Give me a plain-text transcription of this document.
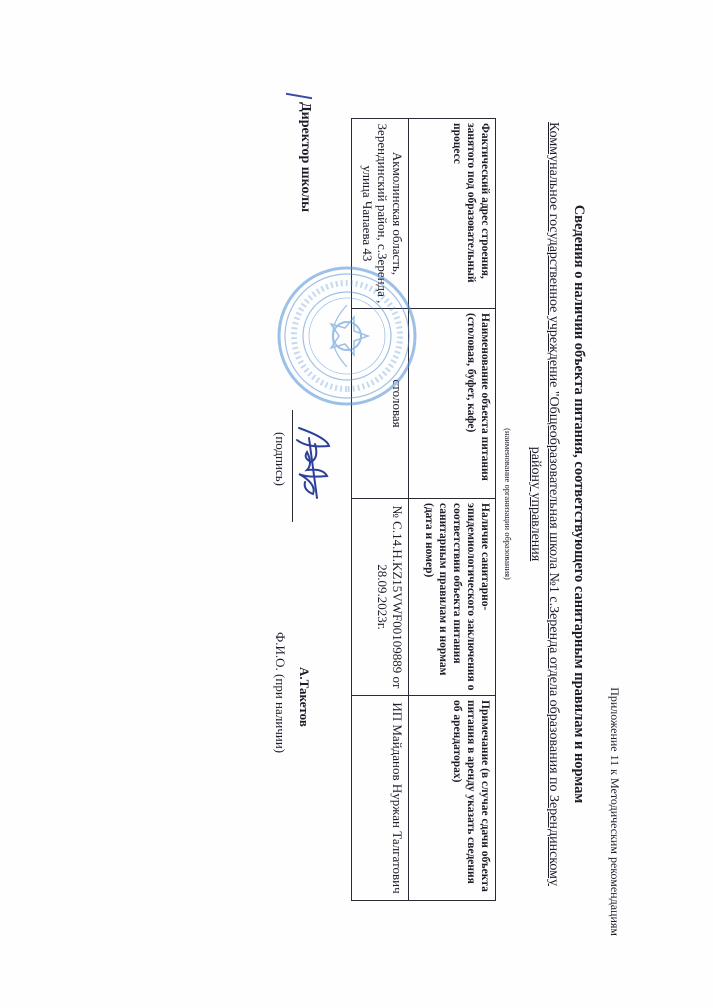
Приложение 11 к Методическим рекомендациям
Сведения о наличии объекта питания, соответствующего санитарным правилам и нормам
Коммунальное государственное учреждение "Общеобразовательная школа №1 с.Зеренда отдела образования по Зерендинскому
району управления
(наименование организации образования)
Фактический адрес строения, занятого под образовательный процесс	Наименование объекта питания (столовая, буфет, кафе)	Наличие санитарно-эпидемиологического заключения о соответствии объекта питания санитарным правилам и нормам (дата и номер)	Примечание (в случае сдачи объекта питания в аренду указать сведения об арендаторах)
Акмолинская область, Зерендинский район, с.Зеренда , улица Чапаева 43	столовая	№ C.14.Н.KZ15VWF00109889 от 28.09.2023г.	ИП Майданов Нуржан Талгатович
Директор школы
(подпись)
А.Такетов
Ф.И.О. (при наличии)
